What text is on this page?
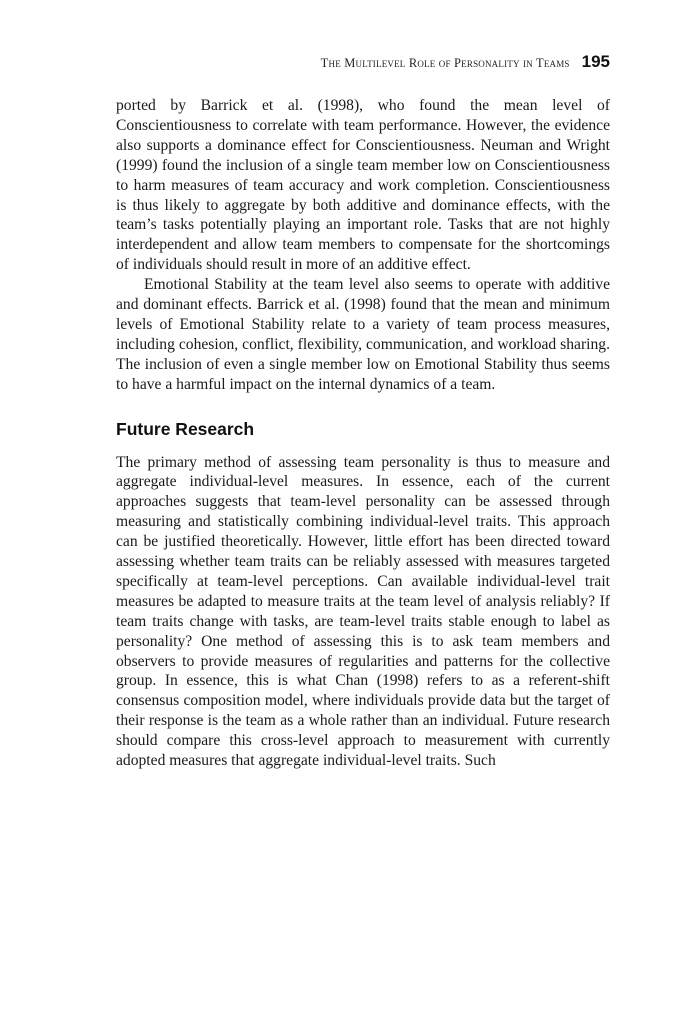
The Multilevel Role of Personality in Teams 195

ported by Barrick et al. (1998), who found the mean level of Conscientiousness to correlate with team performance. However, the evidence also supports a dominance effect for Conscientiousness. Neuman and Wright (1999) found the inclusion of a single team member low on Conscientiousness to harm measures of team accuracy and work completion. Conscientiousness is thus likely to aggregate by both additive and dominance effects, with the team’s tasks potentially playing an important role. Tasks that are not highly interdependent and allow team members to compensate for the shortcomings of individuals should result in more of an additive effect.

Emotional Stability at the team level also seems to operate with additive and dominant effects. Barrick et al. (1998) found that the mean and minimum levels of Emotional Stability relate to a variety of team process measures, including cohesion, conflict, flexibility, communication, and workload sharing. The inclusion of even a single member low on Emotional Stability thus seems to have a harmful impact on the internal dynamics of a team.

Future Research

The primary method of assessing team personality is thus to measure and aggregate individual-level measures. In essence, each of the current approaches suggests that team-level personality can be assessed through measuring and statistically combining individual-level traits. This approach can be justified theoretically. However, little effort has been directed toward assessing whether team traits can be reliably assessed with measures targeted specifically at team-level perceptions. Can available individual-level trait measures be adapted to measure traits at the team level of analysis reliably? If team traits change with tasks, are team-level traits stable enough to label as personality? One method of assessing this is to ask team members and observers to provide measures of regularities and patterns for the collective group. In essence, this is what Chan (1998) refers to as a referent-shift consensus composition model, where individuals provide data but the target of their response is the team as a whole rather than an individual. Future research should compare this cross-level approach to measurement with currently adopted measures that aggregate individual-level traits. Such
